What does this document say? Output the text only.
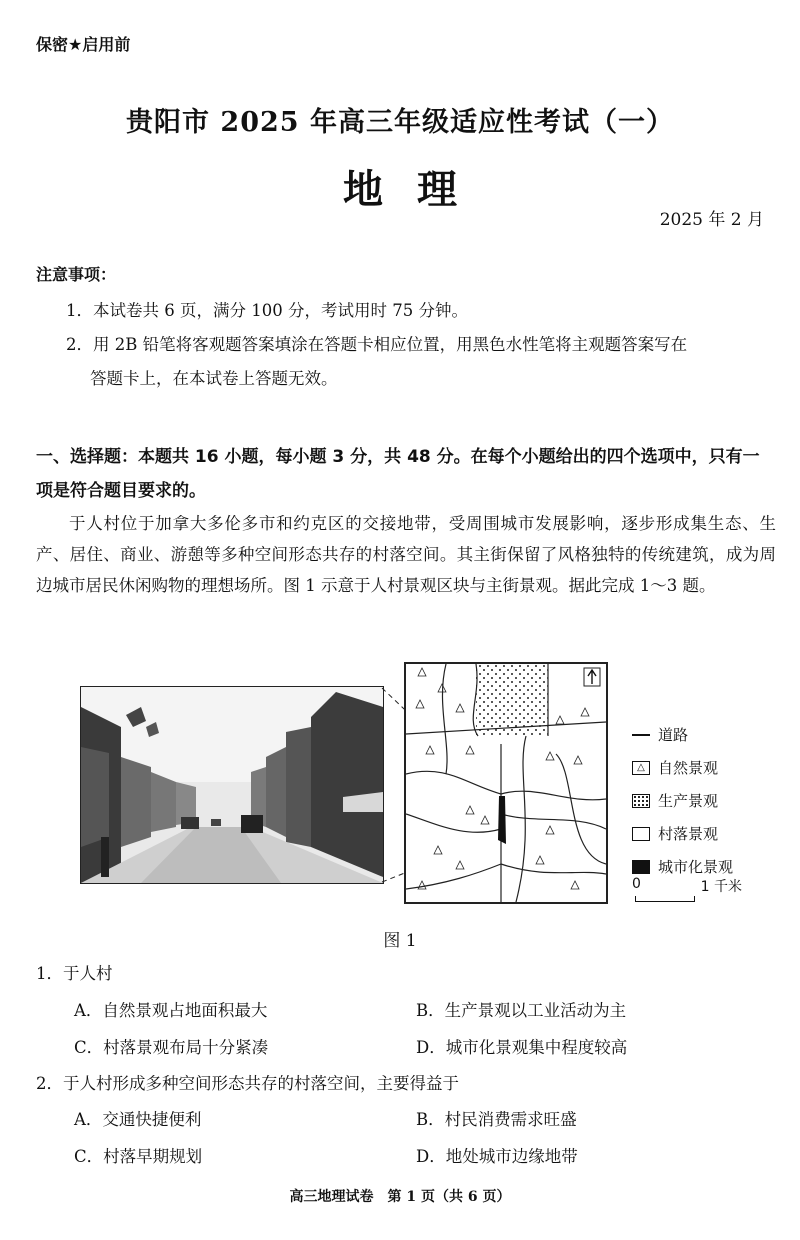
保密★启用前
贵阳市 2025 年高三年级适应性考试（一）
地理
2025 年 2 月
注意事项：
1．本试卷共 6 页，满分 100 分，考试用时 75 分钟。
2．用 2B 铅笔将客观题答案填涂在答题卡相应位置，用黑色水性笔将主观题答案写在
答题卡上，在本试卷上答题无效。
一、选择题：本题共 16 小题，每小题 3 分，共 48 分。在每个小题给出的四个选项中，只有一项是符合题目要求的。
于人村位于加拿大多伦多市和约克区的交接地带，受周围城市发展影响，逐步形成集生态、生产、居住、商业、游憩等多种空间形态共存的村落空间。其主街保留了风格独特的传统建筑，成为周边城市居民休闲购物的理想场所。图 1 示意于人村景观区块与主街景观。据此完成 1～3 题。
道路
△ 自然景观
生产景观
村落景观
城市化景观
0	1 千米
图 1
1．于人村
A．自然景观占地面积最大	B．生产景观以工业活动为主
C．村落景观布局十分紧凑	D．城市化景观集中程度较高
2．于人村形成多种空间形态共存的村落空间，主要得益于
A．交通快捷便利	B．村民消费需求旺盛
C．村落早期规划	D．地处城市边缘地带
高三地理试卷　第 1 页（共 6 页）
